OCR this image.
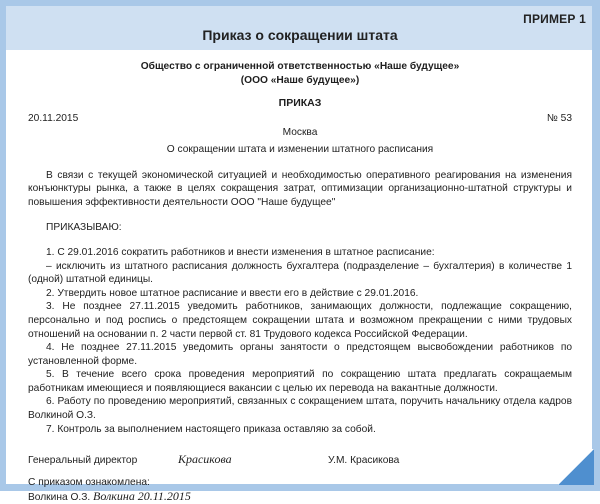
ПРИМЕР 1
Приказ о сокращении штата

Общество с ограниченной ответственностью «Наше будущее»

(ООО «Наше будущее»)

ПРИКАЗ

20.11.2015	№ 53

Москва

О сокращении штата и изменении штатного расписания

В связи с текущей экономической ситуацией и необходимостью оперативного реагирования на изменения конъюнктуры рынка, а также в целях сокращения затрат, оптимизации организационно-штатной структуры и повышения эффективности деятельности ООО "Наше будущее"

ПРИКАЗЫВАЮ:

1. С 29.01.2016 сократить работников и внести изменения в штатное расписание:

– исключить из штатного расписания должность бухгалтера (подразделение – бухгалтерия) в количестве 1 (одной) штатной единицы.

2. Утвердить новое штатное расписание и ввести его в действие с 29.01.2016.

3. Не позднее 27.11.2015 уведомить работников, занимающих должности, подлежащие сокращению, персонально и под роспись о предстоящем сокращении штата и возможном прекращении с ними трудовых отношений на основании п. 2 части первой ст. 81 Трудового кодекса Российской Федерации.

4. Не позднее 27.11.2015 уведомить органы занятости о предстоящем высвобождении работников по установленной форме.

5. В течение всего срока проведения мероприятий по сокращению штата предлагать сокращаемым работникам имеющиеся и появляющиеся вакансии с целью их перевода на вакантные должности.

6. Работу по проведению мероприятий, связанных с сокращением штата, поручить начальнику отдела кадров Волкиной О.З.

7. Контроль за выполнением настоящего приказа оставляю за собой.

Генеральный директор	Красикова	У.М. Красикова

С приказом ознакомлена:

Волкина О.З. Волкина 20.11.2015
